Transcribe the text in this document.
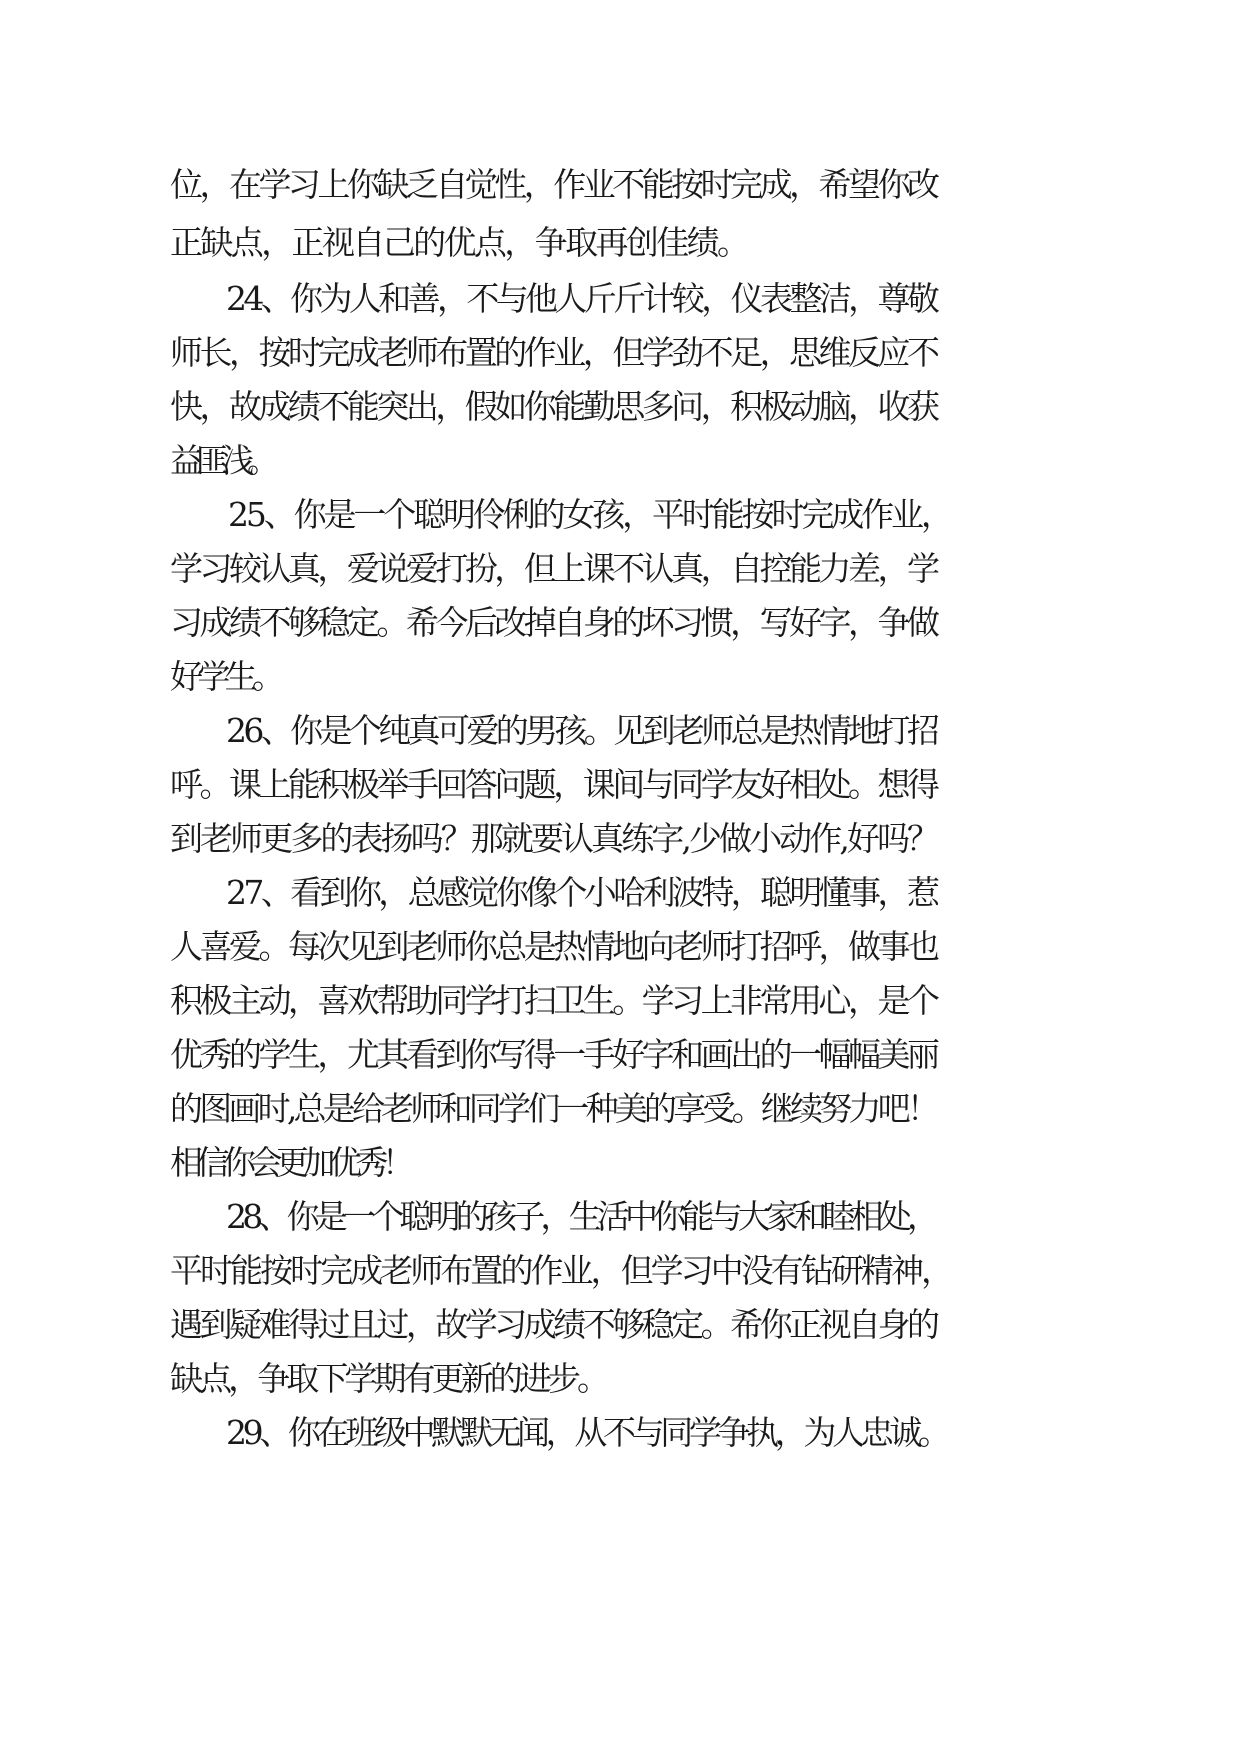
位，在学习上你缺乏自觉性，作业不能按时完成，希望你改
正缺点，正视自己的优点，争取再创佳绩。
24、你为人和善，不与他人斤斤计较，仪表整洁，尊敬
师长，按时完成老师布置的作业，但学劲不足，思维反应不
快，故成绩不能突出，假如你能勤思多问，积极动脑，收获
益匪浅。
25、你是一个聪明伶俐的女孩，平时能按时完成作业，
学习较认真，爱说爱打扮，但上课不认真，自控能力差，学
习成绩不够稳定。希今后改掉自身的坏习惯，写好字，争做
好学生。
26、你是个纯真可爱的男孩。见到老师总是热情地打招
呼。课上能积极举手回答问题，课间与同学友好相处。想得
到老师更多的表扬吗？那就要认真练字,少做小动作,好吗？
27、看到你，总感觉你像个小哈利波特，聪明懂事，惹
人喜爱。每次见到老师你总是热情地向老师打招呼，做事也
积极主动，喜欢帮助同学打扫卫生。学习上非常用心，是个
优秀的学生，尤其看到你写得一手好字和画出的一幅幅美丽
的图画时,总是给老师和同学们一种美的享受。继续努力吧！
相信你会更加优秀！
28、你是一个聪明的孩子，生活中你能与大家和睦相处，
平时能按时完成老师布置的作业，但学习中没有钻研精神，
遇到疑难得过且过，故学习成绩不够稳定。希你正视自身的
缺点，争取下学期有更新的进步。
29、你在班级中默默无闻，从不与同学争执，为人忠诚。
